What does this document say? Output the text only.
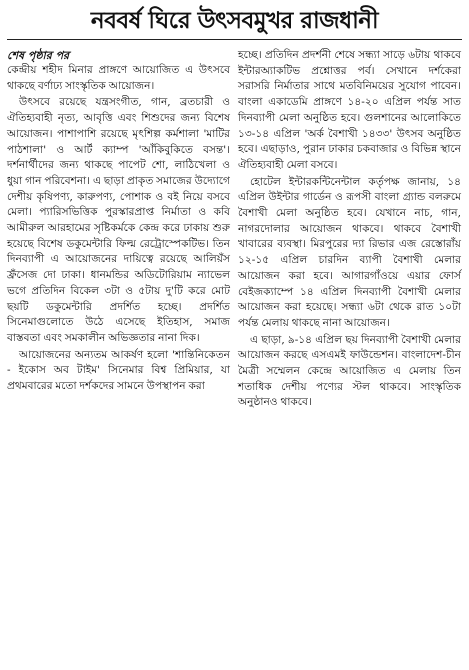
নববর্ষ ঘিরে উৎসবমুখর রাজধানী

শেষ পৃষ্ঠার পর

কেন্দ্রীয় শহীদ মিনার প্রাঙ্গণে আয়োজিত এ উৎসবে থাকছে বর্ণাঢ্য সাংস্কৃতিক আয়োজন।

উৎসবে রয়েছে যন্ত্রসংগীত, গান, ব্রতচারী ও ঐতিহ্যবাহী নৃত্য, আবৃত্তি এবং শিশুদের জন্য বিশেষ আয়োজন। পাশাপাশি রয়েছে মৃৎশিল্প কর্মশালা 'মাটির পাঠশালা' ও আর্ট ক্যাম্প 'আঁকিবুকিতে বসন্ত'। দর্শনার্থীদের জন্য থাকছে পাপেট শো, লাঠিখেলা ও ধুয়া গান পরিবেশনা। এ ছাড়া প্রাকৃত সমাজের উদ্যোগে দেশীয় কৃষিপণ্য, কারুপণ্য, পোশাক ও বই নিয়ে বসবে মেলা। প্যারিসভিত্তিক পুরস্কারপ্রাপ্ত নির্মাতা ও কবি আমীরুল আরহামের সৃষ্টিকর্মকে কেন্দ্র করে ঢাকায় শুরু হয়েছে বিশেষ ডকুমেন্টারি ফিল্ম রেট্রোস্পেকটিভ। তিন দিনব্যাপী এ আয়োজনের দায়িত্বে রয়েছে আলিয়ঁস ফ্রঁসেজ দো ঢাকা। ধানমন্ডির অডিটোরিয়াম ন্যাভেল ভগে প্রতিদিন বিকেল ৩টা ও ৫টায় দু'টি করে মোট ছয়টি ডকুমেন্টারি প্রদর্শিত হচ্ছে। প্রদর্শিত সিনেমাগুলোতে উঠে এসেছে ইতিহাস, সমাজ বাস্তবতা এবং সমকালীন অভিজ্ঞতার নানা দিক।

আয়োজনের অন্যতম আকর্ষণ হলো 'শান্তিনিকেতন - ইকোস অব টাইম' সিনেমার বিশ্ব প্রিমিয়ার, যা প্রথমবারের মতো দর্শকদের সামনে উপস্থাপন করা

হচ্ছে। প্রতিদিন প্রদর্শনী শেষে সন্ধ্যা সাড়ে ৬টায় থাকবে ইন্টারঅ্যাকটিভ প্রশ্নোত্তর পর্ব। সেখানে দর্শকেরা সরাসরি নির্মাতার সাথে মতবিনিময়ের সুযোগ পাবেন। বাংলা একাডেমি প্রাঙ্গণে ১৪-২০ এপ্রিল পর্যন্ত সাত দিনব্যাপী মেলা অনুষ্ঠিত হবে। গুলশানের আলোকিতে ১৩-১৪ এপ্রিল 'অর্ক বৈশাখী ১৪৩৩' উৎসব অনুষ্ঠিত হবে। এছাড়াও, পুরান ঢাকার চকবাজার ও বিভিন্ন স্থানে ঐতিহ্যবাহী মেলা বসবে।

হোটেল ইন্টারকন্টিনেন্টাল কর্তৃপক্ষ জানায়, ১৪ এপ্রিল উইন্টার গার্ডেন ও রূপসী বাংলা গ্র্যান্ড বলরুমে বৈশাখী মেলা অনুষ্ঠিত হবে। যেখানে নাচ, গান, নাগরদোলার আয়োজন থাকবে। থাকবে বৈশাখী খাবারের ব্যবস্থা। মিরপুরের দ্যা রিভার এজ রেস্তোরাঁয় ১২-১৫ এপ্রিল চারদিন ব্যাপী বৈশাখী মেলার আয়োজন করা হবে। আগারগাঁওয়ে এয়ার ফোর্স বেইজক্যাম্পে ১৪ এপ্রিল দিনব্যাপী বৈশাখী মেলার আয়োজন করা হয়েছে। সন্ধ্যা ৬টা থেকে রাত ১০টা পর্যন্ত মেলায় থাকছে নানা আয়োজন।

এ ছাড়া, ৯-১৪ এপ্রিল ছয় দিনব্যাপী বৈশাখী মেলার আয়োজন করছে এসএমই ফাউন্ডেশন। বাংলাদেশ-চীন মৈত্রী সম্মেলন কেন্দ্রে আয়োজিত এ মেলায় তিন শতাধিক দেশীয় পণ্যের স্টল থাকবে। সাংস্কৃতিক অনুষ্ঠানও থাকবে।
